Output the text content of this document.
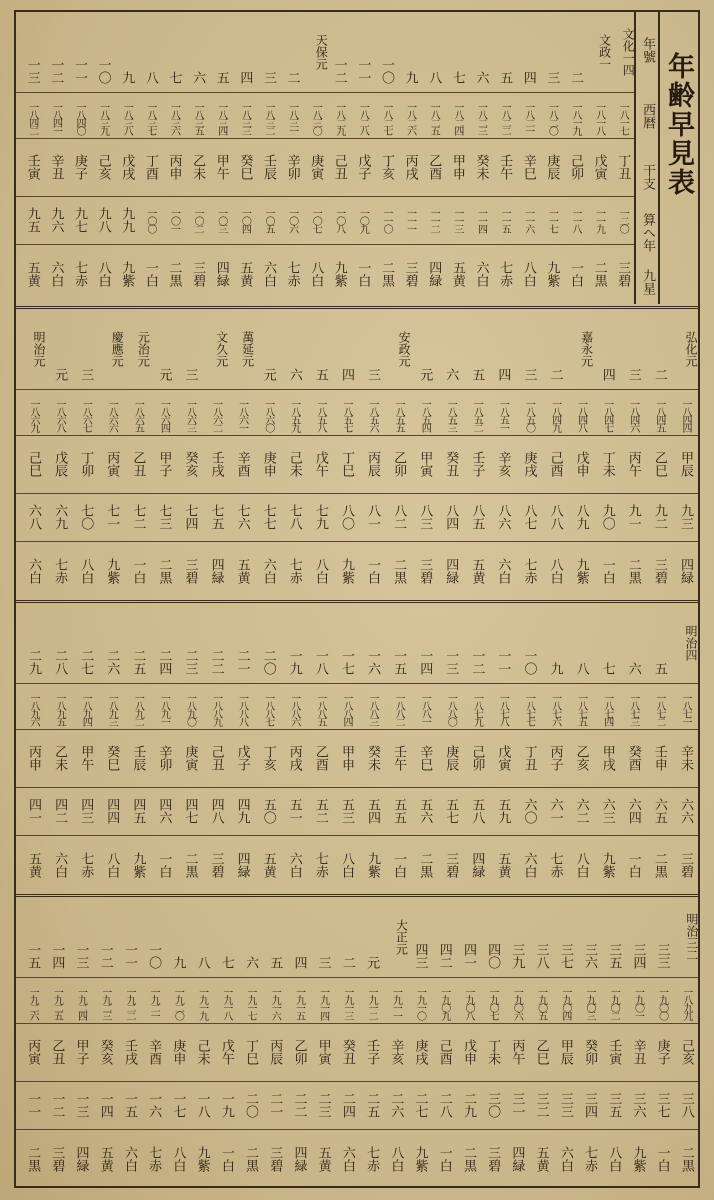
年齢早見表
年號
西暦
干支
算へ年
九星
文化一四
一八一七
丁丑
一二〇
三碧
文政一
一八一八
戊寅
一一九
二黒
二
一八一九
己卯
一一八
一白
三
一八二〇
庚辰
一一七
九紫
四
一八二一
辛巳
一一六
八白
五
一八二二
壬午
一一五
七赤
六
一八二三
癸未
一一四
六白
七
一八二四
甲申
一一三
五黄
八
一八二五
乙酉
一一二
四緑
九
一八二六
丙戌
一一一
三碧
一〇
一八二七
丁亥
一一〇
二黒
一一
一八二八
戊子
一〇九
一白
一二
一八二九
己丑
一〇八
九紫
天保元
一八三〇
庚寅
一〇七
八白
二
一八三一
辛卯
一〇六
七赤
三
一八三二
壬辰
一〇五
六白
四
一八三三
癸巳
一〇四
五黄
五
一八三四
甲午
一〇三
四緑
六
一八三五
乙未
一〇二
三碧
七
一八三六
丙申
一〇一
二黒
八
一八三七
丁酉
一〇〇
一白
九
一八三八
戊戌
九九
九紫
一〇
一八三九
己亥
九八
八白
一一
一八四〇
庚子
九七
七赤
一二
一八四一
辛丑
九六
六白
一三
一八四二
壬寅
九五
五黄
弘化元
一八四四
甲辰
九三
四緑
二
一八四五
乙巳
九二
三碧
三
一八四六
丙午
九一
二黒
四
一八四七
丁未
九〇
一白
嘉永元
一八四八
戊申
八九
九紫
二
一八四九
己酉
八八
八白
三
一八五〇
庚戌
八七
七赤
四
一八五一
辛亥
八六
六白
五
一八五二
壬子
八五
五黄
六
一八五三
癸丑
八四
四緑
元
一八五四
甲寅
八三
三碧
安政元
一八五五
乙卯
八二
二黒
三
一八五六
丙辰
八一
一白
四
一八五七
丁巳
八〇
九紫
五
一八五八
戊午
七九
八白
六
一八五九
己未
七八
七赤
元
一八六〇
庚申
七七
六白
萬延元
一八六一
辛酉
七六
五黄
文久元
一八六二
壬戌
七五
四緑
三
一八六三
癸亥
七四
三碧
元
一八六四
甲子
七三
二黒
元治元
一八六五
乙丑
七二
一白
慶應元
一八六六
丙寅
七一
九紫
三
一八六七
丁卯
七〇
八白
元
一八六八
戊辰
六九
七赤
明治元
一八六九
己巳
六八
六白
明治四
一八七一
辛未
六六
三碧
五
一八七二
壬申
六五
二黒
六
一八七三
癸酉
六四
一白
七
一八七四
甲戌
六三
九紫
八
一八七五
乙亥
六二
八白
九
一八七六
丙子
六一
七赤
一〇
一八七七
丁丑
六〇
六白
一一
一八七八
戊寅
五九
五黄
一二
一八七九
己卯
五八
四緑
一三
一八八〇
庚辰
五七
三碧
一四
一八八一
辛巳
五六
二黒
一五
一八八二
壬午
五五
一白
一六
一八八三
癸未
五四
九紫
一七
一八八四
甲申
五三
八白
一八
一八八五
乙酉
五二
七赤
一九
一八八六
丙戌
五一
六白
二〇
一八八七
丁亥
五〇
五黄
二一
一八八八
戊子
四九
四緑
二二
一八八九
己丑
四八
三碧
二三
一八九〇
庚寅
四七
二黒
二四
一八九一
辛卯
四六
一白
二五
一八九二
壬辰
四五
九紫
二六
一八九三
癸巳
四四
八白
二七
一八九四
甲午
四三
七赤
二八
一八九五
乙未
四二
六白
二九
一八九六
丙申
四一
五黄
明治三二
一八九九
己亥
三八
二黒
三三
一九〇〇
庚子
三七
一白
三四
一九〇一
辛丑
三六
九紫
三五
一九〇二
壬寅
三五
八白
三六
一九〇三
癸卯
三四
七赤
三七
一九〇四
甲辰
三三
六白
三八
一九〇五
乙巳
三二
五黄
三九
一九〇六
丙午
三一
四緑
四〇
一九〇七
丁未
三〇
三碧
四一
一九〇八
戊申
二九
二黒
四二
一九〇九
己酉
二八
一白
四三
一九一〇
庚戌
二七
九紫
大正元
一九一一
辛亥
二六
八白
元
一九一二
壬子
二五
七赤
二
一九一三
癸丑
二四
六白
三
一九一四
甲寅
二三
五黄
四
一九一五
乙卯
二二
四緑
五
一九一六
丙辰
二一
三碧
六
一九一七
丁巳
二〇
二黒
七
一九一八
戊午
一九
一白
八
一九一九
己未
一八
九紫
九
一九二〇
庚申
一七
八白
一〇
一九二一
辛酉
一六
七赤
一一
一九二二
壬戌
一五
六白
一二
一九二三
癸亥
一四
五黄
一三
一九二四
甲子
一三
四緑
一四
一九二五
乙丑
一二
三碧
一五
一九二六
丙寅
一一
二黒
